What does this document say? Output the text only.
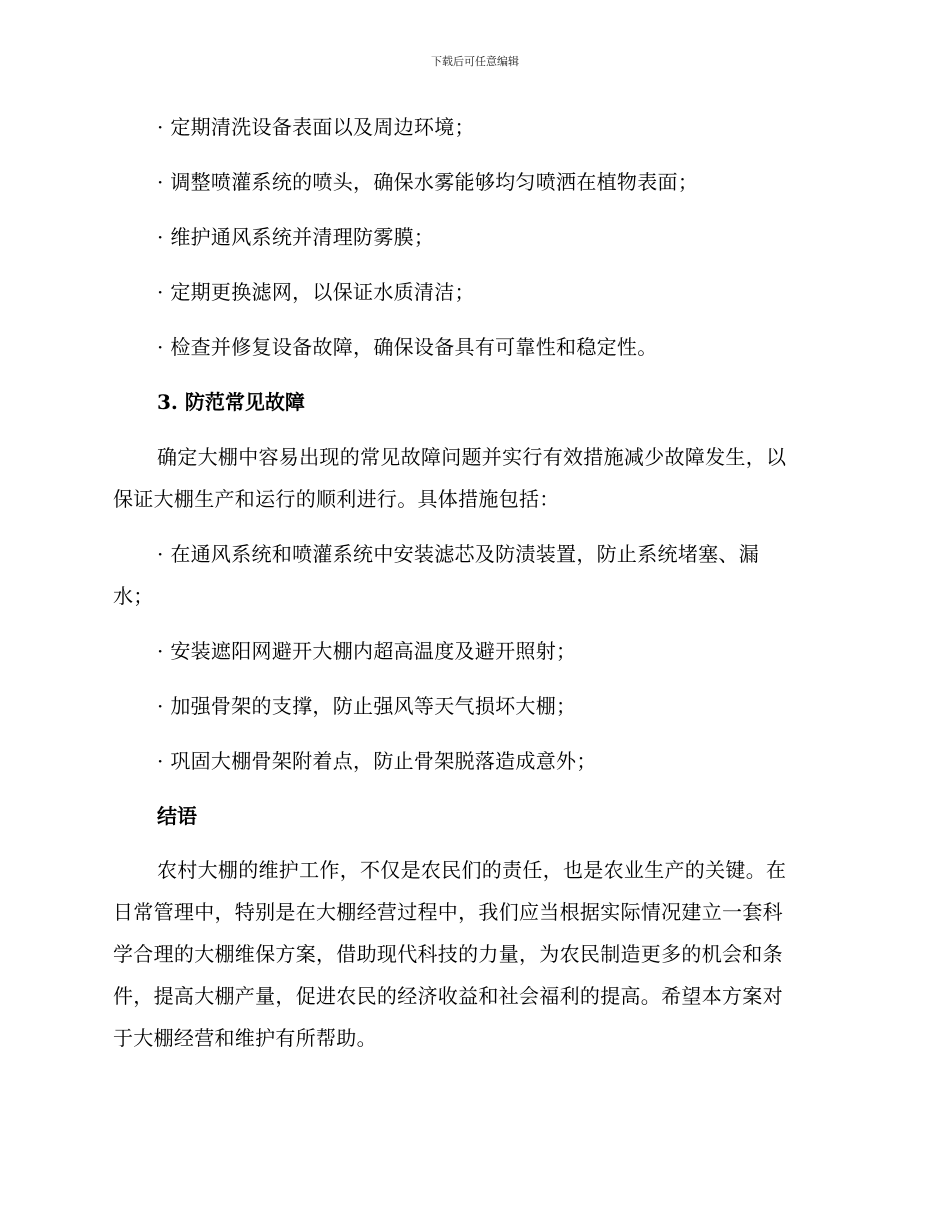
下载后可任意编辑
· 定期清洗设备表面以及周边环境；
· 调整喷灌系统的喷头，确保水雾能够均匀喷洒在植物表面；
· 维护通风系统并清理防雾膜；
· 定期更换滤网，以保证水质清洁；
· 检查并修复设备故障，确保设备具有可靠性和稳定性。
3. 防范常见故障
确定大棚中容易出现的常见故障问题并实行有效措施减少故障发生，以
保证大棚生产和运行的顺利进行。具体措施包括：
· 在通风系统和喷灌系统中安装滤芯及防渍装置，防止系统堵塞、漏
水；
· 安装遮阳网避开大棚内超高温度及避开照射；
· 加强骨架的支撑，防止强风等天气损坏大棚；
· 巩固大棚骨架附着点，防止骨架脱落造成意外；
结语
农村大棚的维护工作，不仅是农民们的责任，也是农业生产的关键。在
日常管理中，特别是在大棚经营过程中，我们应当根据实际情况建立一套科
学合理的大棚维保方案，借助现代科技的力量，为农民制造更多的机会和条
件，提高大棚产量，促进农民的经济收益和社会福利的提高。希望本方案对
于大棚经营和维护有所帮助。
